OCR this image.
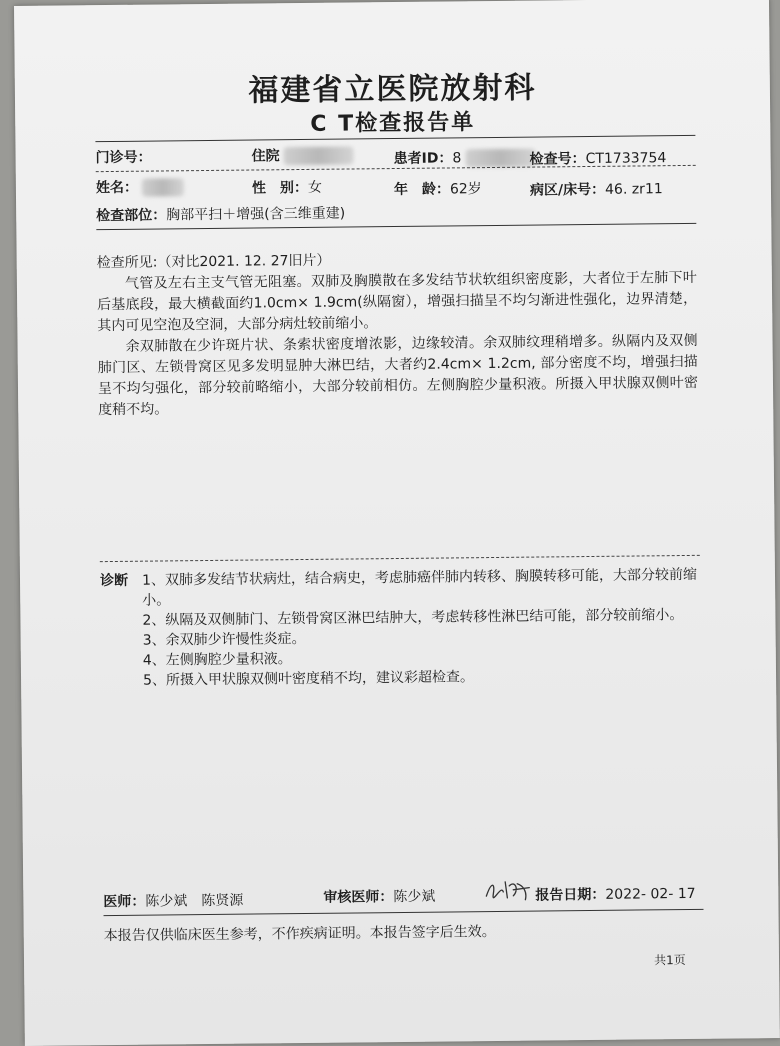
福建省立医院放射科
C T检查报告单
门诊号：	住院	患者ID：8	检查号：CT1733754
姓名：	性　别：女	年　龄：62岁	病区/床号：46. zr11
检查部位：胸部平扫＋增强(含三维重建)
检查所见:（对比2021. 12. 27旧片）
气管及左右主支气管无阻塞。双肺及胸膜散在多发结节状软组织密度影，大者位于左肺下叶后基底段，最大横截面约1.0cm× 1.9cm(纵隔窗），增强扫描呈不均匀渐进性强化，边界清楚，其内可见空泡及空洞，大部分病灶较前缩小。
余双肺散在少许斑片状、条索状密度增浓影，边缘较清。余双肺纹理稍增多。纵隔内及双侧肺门区、左锁骨窝区见多发明显肿大淋巴结，大者约2.4cm× 1.2cm, 部分密度不均，增强扫描呈不均匀强化，部分较前略缩小，大部分较前相仿。左侧胸腔少量积液。所摄入甲状腺双侧叶密度稍不均。
诊断 1、双肺多发结节状病灶，结合病史，考虑肺癌伴肺内转移、胸膜转移可能，大部分较前缩小。
2、纵隔及双侧肺门、左锁骨窝区淋巴结肿大，考虑转移性淋巴结可能，部分较前缩小。
3、余双肺少许慢性炎症。
4、左侧胸腔少量积液。
5、所摄入甲状腺双侧叶密度稍不均，建议彩超检查。
医师：陈少斌　陈贤源	审核医师：陈少斌	报告日期：2022- 02- 17
本报告仅供临床医生参考，不作疾病证明。本报告签字后生效。
共1页
